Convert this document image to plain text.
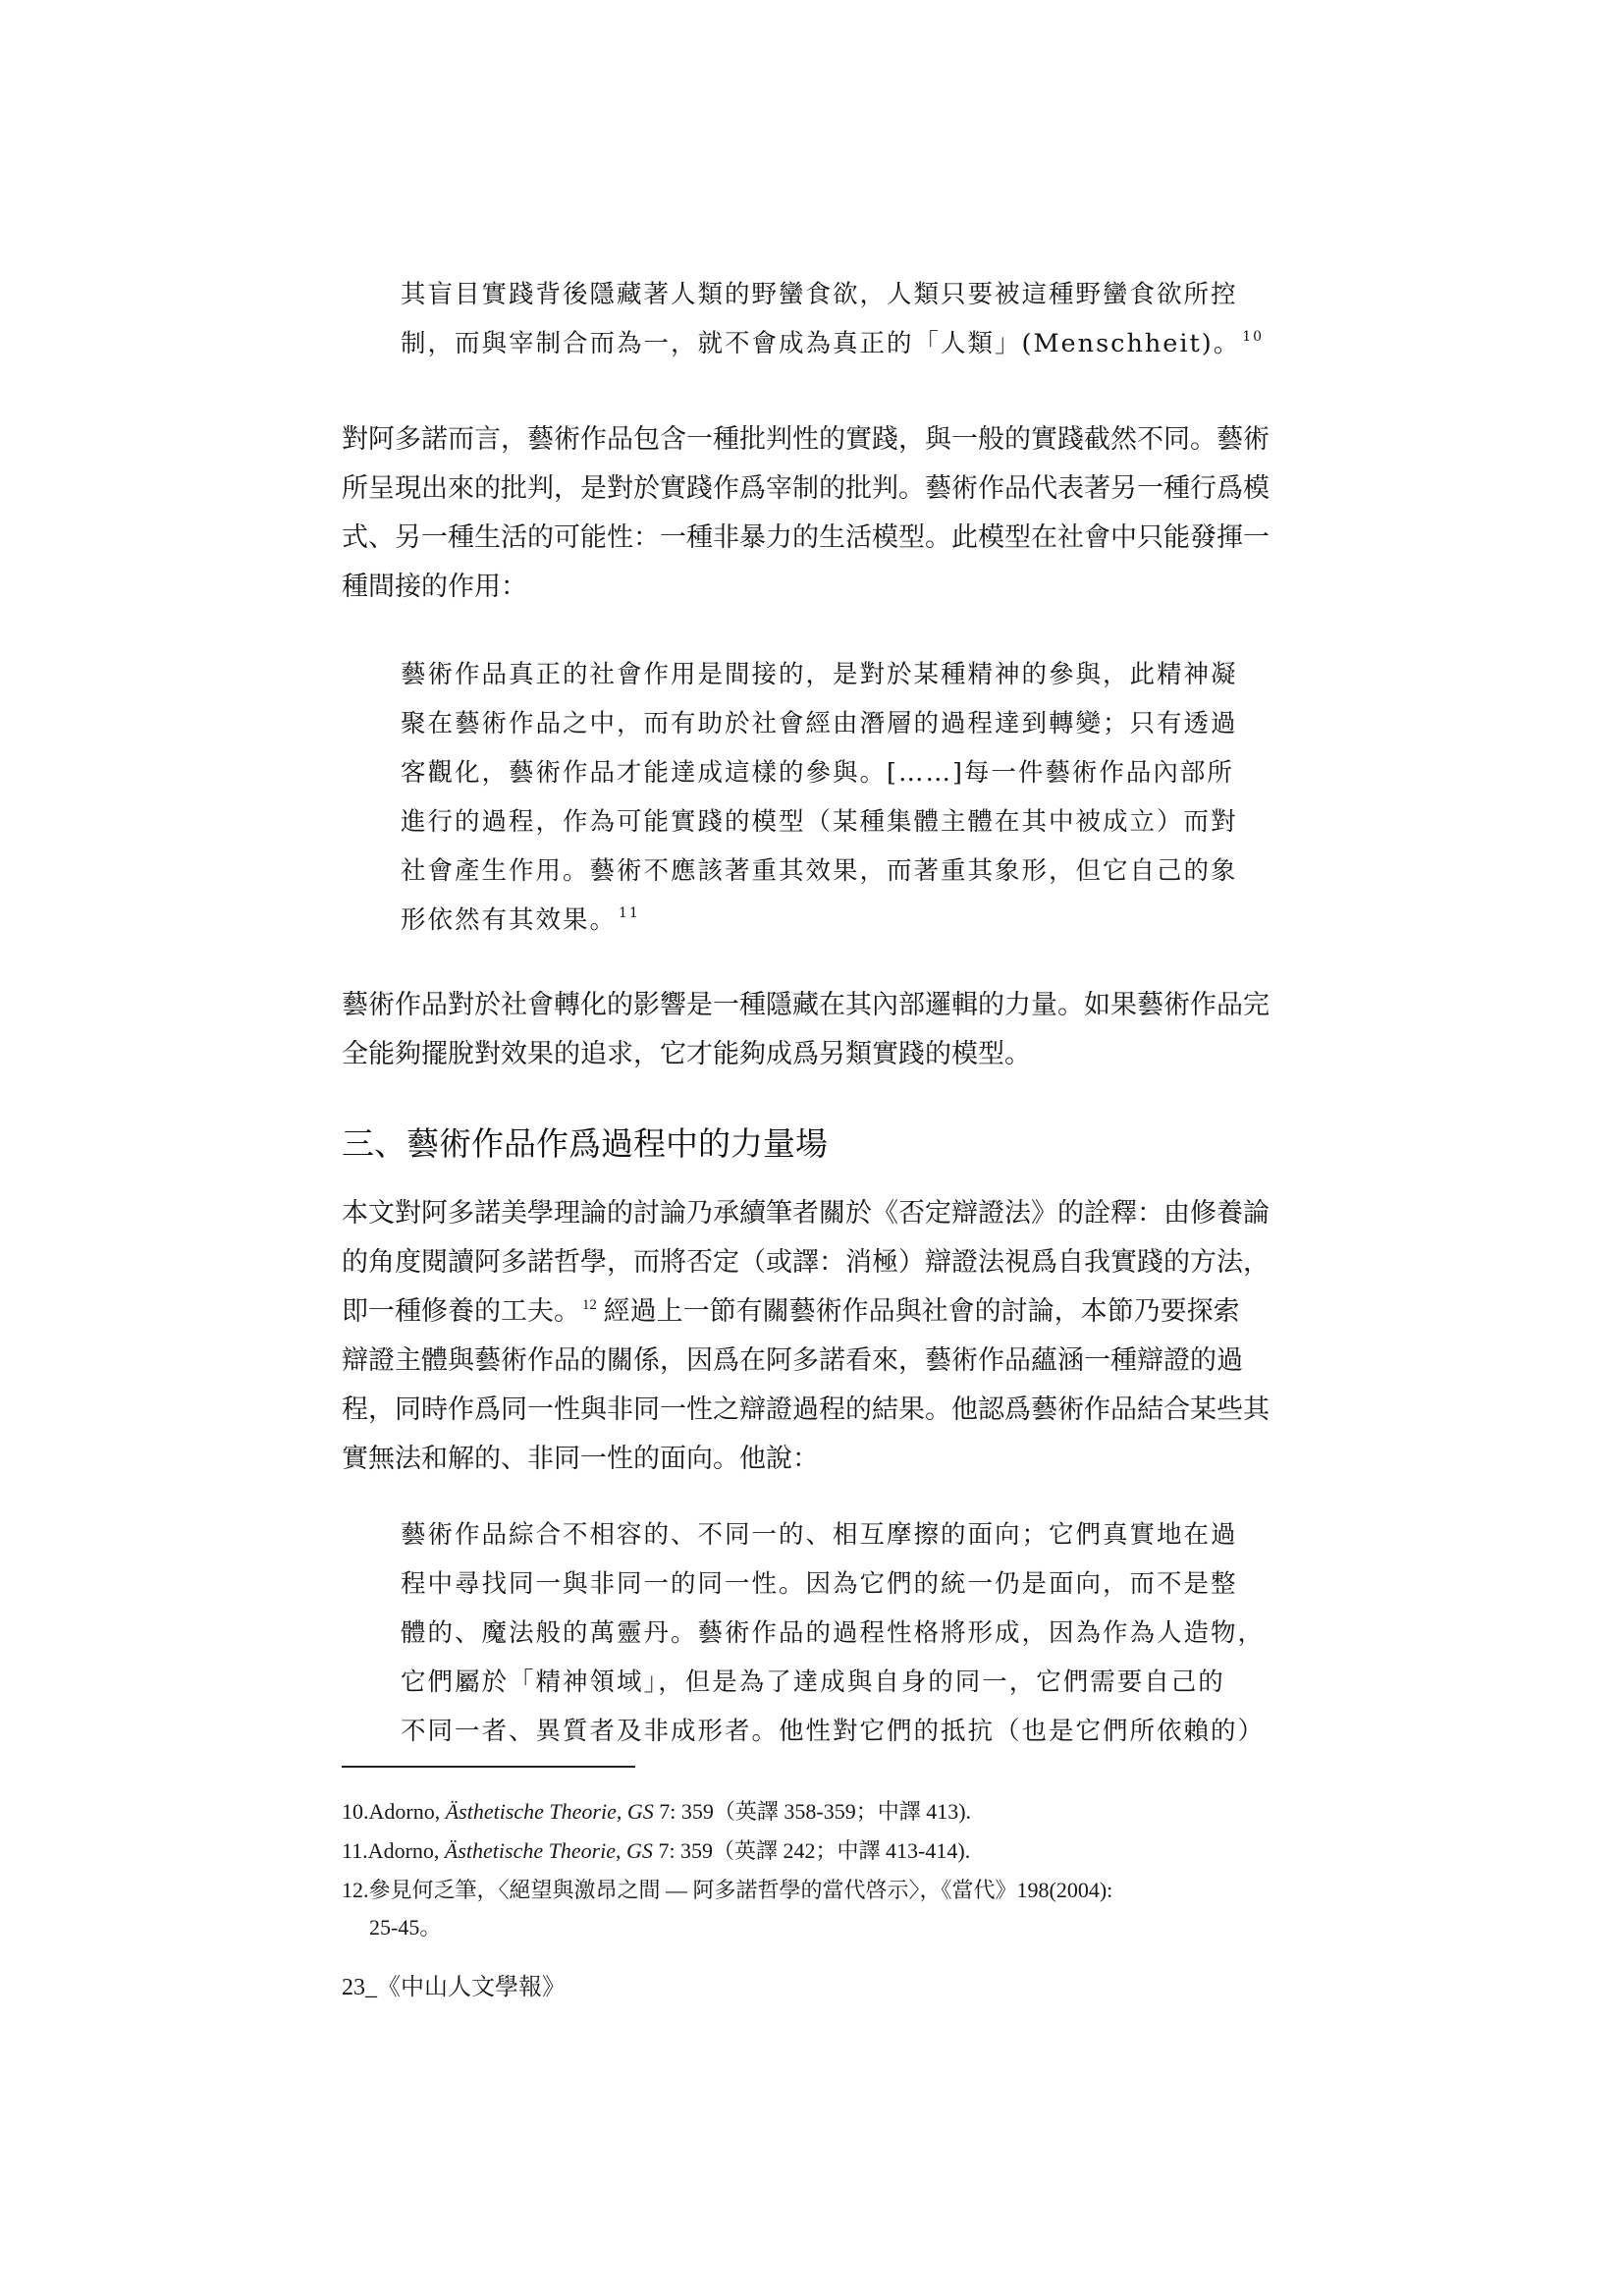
其盲目實踐背後隱藏著人類的野蠻食欲，人類只要被這種野蠻食欲所控
制，而與宰制合而為一，就不會成為真正的「人類」(Menschheit)。 $^{10}$
對阿多諾而言，藝術作品包含一種批判性的實踐，與一般的實踐截然不同。藝術
所呈現出來的批判，是對於實踐作爲宰制的批判。藝術作品代表著另一種行爲模
式、另一種生活的可能性：一種非暴力的生活模型。此模型在社會中只能發揮一
種間接的作用：
藝術作品真正的社會作用是間接的，是對於某種精神的參與，此精神凝
聚在藝術作品之中，而有助於社會經由潛層的過程達到轉變；只有透過
客觀化，藝術作品才能達成這樣的參與。[……]每一件藝術作品內部所
進行的過程，作為可能實踐的模型（某種集體主體在其中被成立）而對
社會產生作用。藝術不應該著重其效果，而著重其象形，但它自己的象
形依然有其效果。 $^{11}$
藝術作品對於社會轉化的影響是一種隱藏在其內部邏輯的力量。如果藝術作品完
全能夠擺脫對效果的追求，它才能夠成爲另類實踐的模型。
三、藝術作品作爲過程中的力量場
本文對阿多諾美學理論的討論乃承續筆者關於《否定辯證法》的詮釋：由修養論
的角度閱讀阿多諾哲學，而將否定（或譯：消極）辯證法視爲自我實踐的方法，
即一種修養的工夫。 $^{12}$ 經過上一節有關藝術作品與社會的討論，本節乃要探索
辯證主體與藝術作品的關係，因爲在阿多諾看來，藝術作品蘊涵一種辯證的過
程，同時作爲同一性與非同一性之辯證過程的結果。他認爲藝術作品結合某些其
實無法和解的、非同一性的面向。他說：
藝術作品綜合不相容的、不同一的、相互摩擦的面向；它們真實地在過
程中尋找同一與非同一的同一性。因為它們的統一仍是面向，而不是整
體的、魔法般的萬靈丹。藝術作品的過程性格將形成，因為作為人造物，
它們屬於「精神領域」，但是為了達成與自身的同一，它們需要自己的
不同一者、異質者及非成形者。他性對它們的抵抗（也是它們所依賴的）
10.Adorno, Ästhetische Theorie, GS 7: 359（英譯 358-359；中譯 413).
11.Adorno, Ästhetische Theorie, GS 7: 359（英譯 242；中譯 413-414).
12.參見何乏筆，〈絕望與激昂之間 — 阿多諾哲學的當代啓示〉，《當代》198(2004):
25-45。
23_《中山人文學報》
